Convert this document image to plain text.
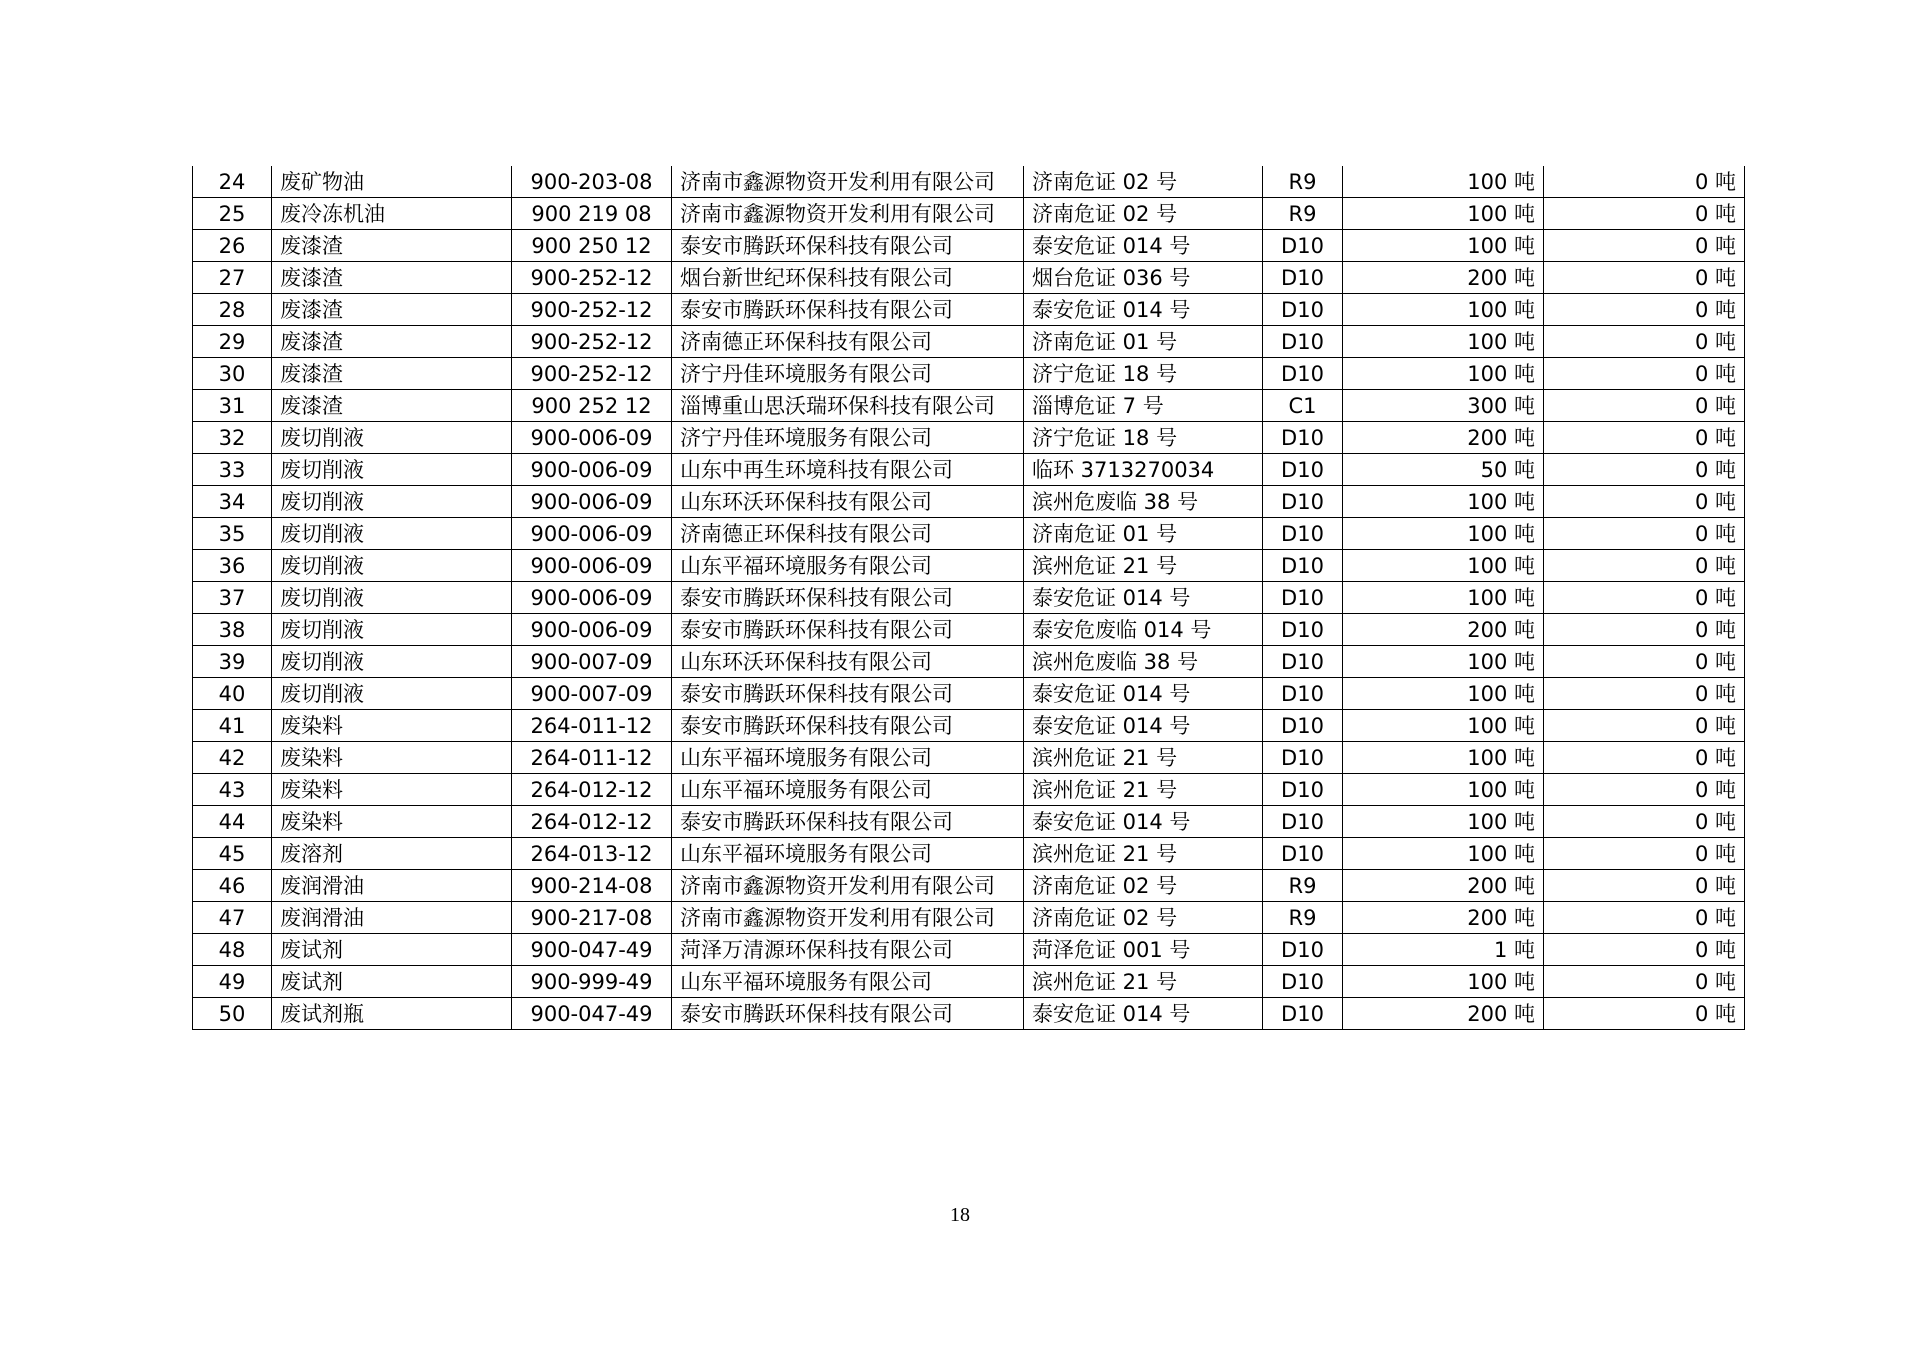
24	废矿物油	900-203-08	济南市鑫源物资开发利用有限公司	济南危证 02 号	R9	100 吨	0 吨
25	废冷冻机油	900 219 08	济南市鑫源物资开发利用有限公司	济南危证 02 号	R9	100 吨	0 吨
26	废漆渣	900 250 12	泰安市腾跃环保科技有限公司	泰安危证 014 号	D10	100 吨	0 吨
27	废漆渣	900-252-12	烟台新世纪环保科技有限公司	烟台危证 036 号	D10	200 吨	0 吨
28	废漆渣	900-252-12	泰安市腾跃环保科技有限公司	泰安危证 014 号	D10	100 吨	0 吨
29	废漆渣	900-252-12	济南德正环保科技有限公司	济南危证 01 号	D10	100 吨	0 吨
30	废漆渣	900-252-12	济宁丹佳环境服务有限公司	济宁危证 18 号	D10	100 吨	0 吨
31	废漆渣	900 252 12	淄博重山思沃瑞环保科技有限公司	淄博危证 7 号	C1	300 吨	0 吨
32	废切削液	900-006-09	济宁丹佳环境服务有限公司	济宁危证 18 号	D10	200 吨	0 吨
33	废切削液	900-006-09	山东中再生环境科技有限公司	临环 3713270034	D10	50 吨	0 吨
34	废切削液	900-006-09	山东环沃环保科技有限公司	滨州危废临 38 号	D10	100 吨	0 吨
35	废切削液	900-006-09	济南德正环保科技有限公司	济南危证 01 号	D10	100 吨	0 吨
36	废切削液	900-006-09	山东平福环境服务有限公司	滨州危证 21 号	D10	100 吨	0 吨
37	废切削液	900-006-09	泰安市腾跃环保科技有限公司	泰安危证 014 号	D10	100 吨	0 吨
38	废切削液	900-006-09	泰安市腾跃环保科技有限公司	泰安危废临 014 号	D10	200 吨	0 吨
39	废切削液	900-007-09	山东环沃环保科技有限公司	滨州危废临 38 号	D10	100 吨	0 吨
40	废切削液	900-007-09	泰安市腾跃环保科技有限公司	泰安危证 014 号	D10	100 吨	0 吨
41	废染料	264-011-12	泰安市腾跃环保科技有限公司	泰安危证 014 号	D10	100 吨	0 吨
42	废染料	264-011-12	山东平福环境服务有限公司	滨州危证 21 号	D10	100 吨	0 吨
43	废染料	264-012-12	山东平福环境服务有限公司	滨州危证 21 号	D10	100 吨	0 吨
44	废染料	264-012-12	泰安市腾跃环保科技有限公司	泰安危证 014 号	D10	100 吨	0 吨
45	废溶剂	264-013-12	山东平福环境服务有限公司	滨州危证 21 号	D10	100 吨	0 吨
46	废润滑油	900-214-08	济南市鑫源物资开发利用有限公司	济南危证 02 号	R9	200 吨	0 吨
47	废润滑油	900-217-08	济南市鑫源物资开发利用有限公司	济南危证 02 号	R9	200 吨	0 吨
48	废试剂	900-047-49	菏泽万清源环保科技有限公司	菏泽危证 001 号	D10	1 吨	0 吨
49	废试剂	900-999-49	山东平福环境服务有限公司	滨州危证 21 号	D10	100 吨	0 吨
50	废试剂瓶	900-047-49	泰安市腾跃环保科技有限公司	泰安危证 014 号	D10	200 吨	0 吨
18
